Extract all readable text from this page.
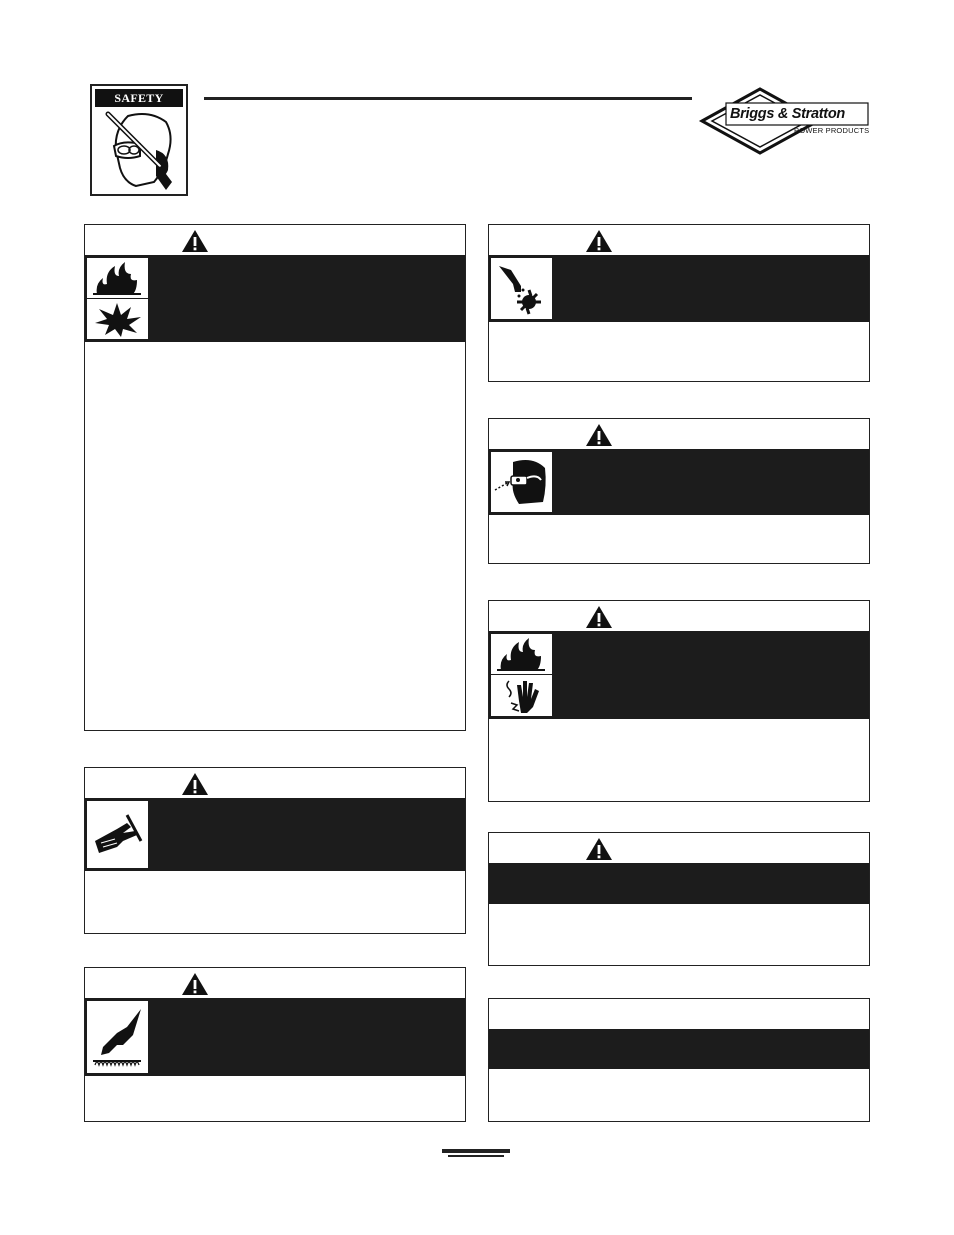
SAFETY RULES	Briggs & Stratton
POWER PRODUCTS
